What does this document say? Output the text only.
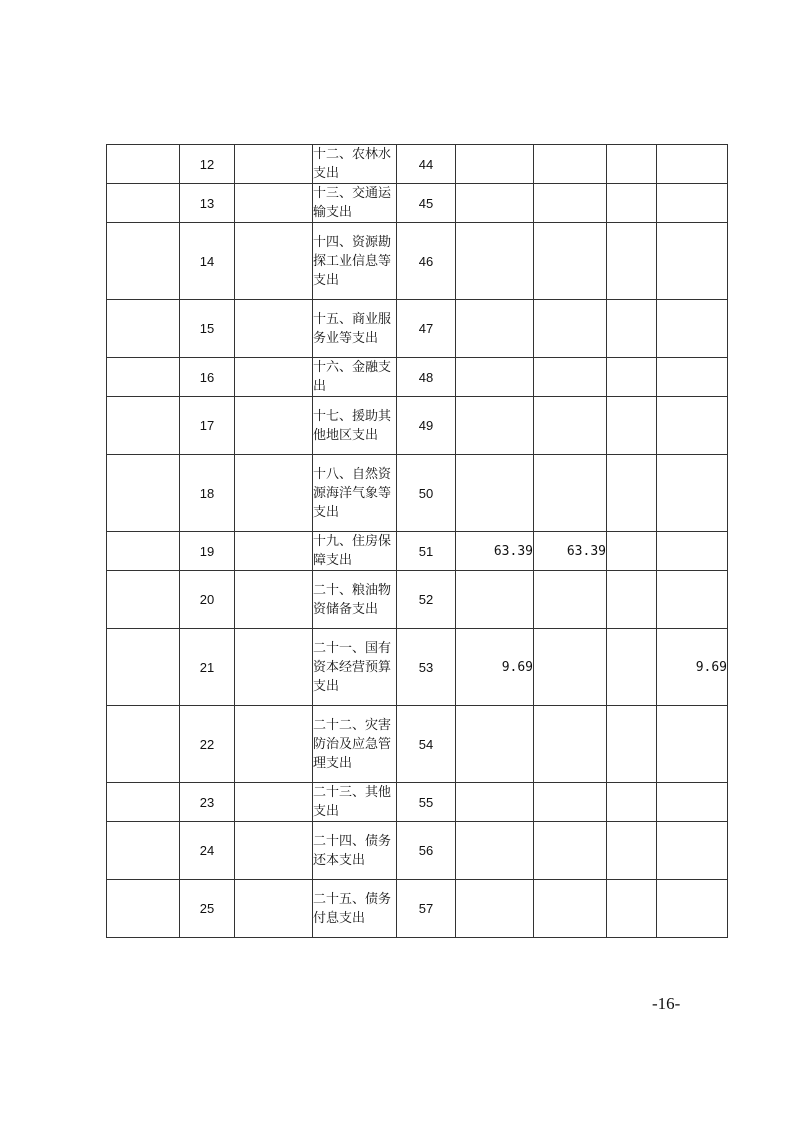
	12		十二、农林水支出	44				
	13		十三、交通运输支出	45				
	14		十四、资源勘探工业信息等支出	46				
	15		十五、商业服务业等支出	47				
	16		十六、金融支出	48				
	17		十七、援助其他地区支出	49				
	18		十八、自然资源海洋气象等支出	50				
	19		十九、住房保障支出	51	63.39	63.39		
	20		二十、粮油物资储备支出	52				
	21		二十一、国有资本经营预算支出	53	9.69			9.69
	22		二十二、灾害防治及应急管理支出	54				
	23		二十三、其他支出	55				
	24		二十四、债务还本支出	56				
	25		二十五、债务付息支出	57				
-16-
